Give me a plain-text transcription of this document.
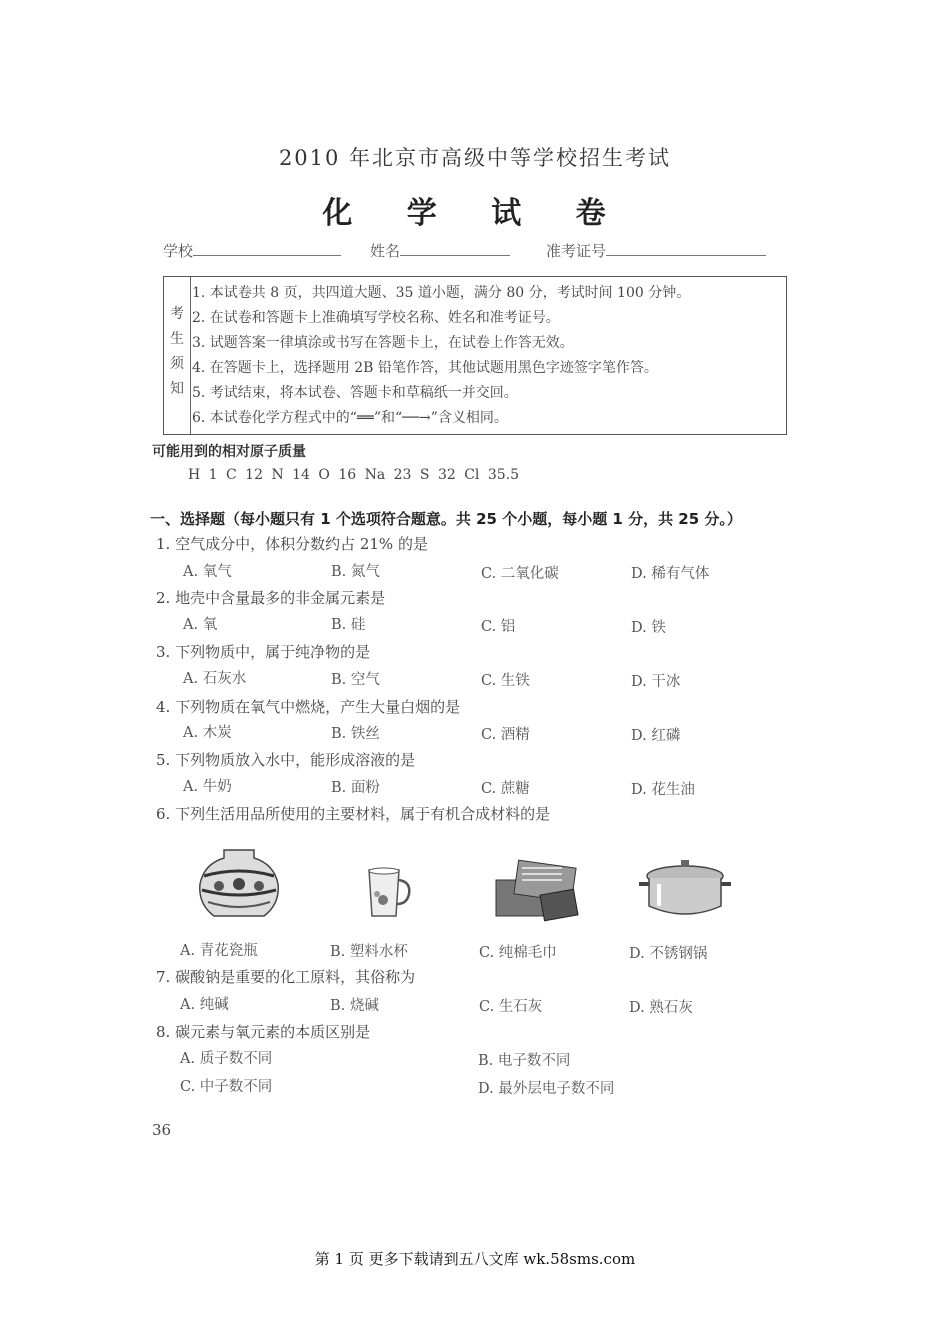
2010 年北京市高级中等学校招生考试
化 学 试 卷
学校	姓名	准考证号
考
生
须
知
1. 本试卷共 8 页，共四道大题、35 道小题，满分 80 分，考试时间 100 分钟。
2. 在试卷和答题卡上准确填写学校名称、姓名和准考证号。
3. 试题答案一律填涂或书写在答题卡上，在试卷上作答无效。
4. 在答题卡上，选择题用 2B 铅笔作答，其他试题用黑色字迹签字笔作答。
5. 考试结束，将本试卷、答题卡和草稿纸一并交回。
6. 本试卷化学方程式中的“══”和“──→”含义相同。
可能用到的相对原子质量
H 1 C 12 N 14 O 16 Na 23 S 32 Cl 35.5
一、选择题（每小题只有 1 个选项符合题意。共 25 个小题，每小题 1 分，共 25 分。）
1. 空气成分中，体积分数约占 21% 的是
A. 氧气	B. 氮气	C. 二氧化碳	D. 稀有气体
2. 地壳中含量最多的非金属元素是
A. 氧	B. 硅	C. 铝	D. 铁
3. 下列物质中，属于纯净物的是
A. 石灰水	B. 空气	C. 生铁	D. 干冰
4. 下列物质在氧气中燃烧，产生大量白烟的是
A. 木炭	B. 铁丝	C. 酒精	D. 红磷
5. 下列物质放入水中，能形成溶液的是
A. 牛奶	B. 面粉	C. 蔗糖	D. 花生油
6. 下列生活用品所使用的主要材料，属于有机合成材料的是
A. 青花瓷瓶	B. 塑料水杯	C. 纯棉毛巾	D. 不锈钢锅
7. 碳酸钠是重要的化工原料，其俗称为
A. 纯碱	B. 烧碱	C. 生石灰	D. 熟石灰
8. 碳元素与氧元素的本质区别是
A. 质子数不同	B. 电子数不同
C. 中子数不同	D. 最外层电子数不同
36
第 1 页 更多下载请到五八文库 wk.58sms.com
